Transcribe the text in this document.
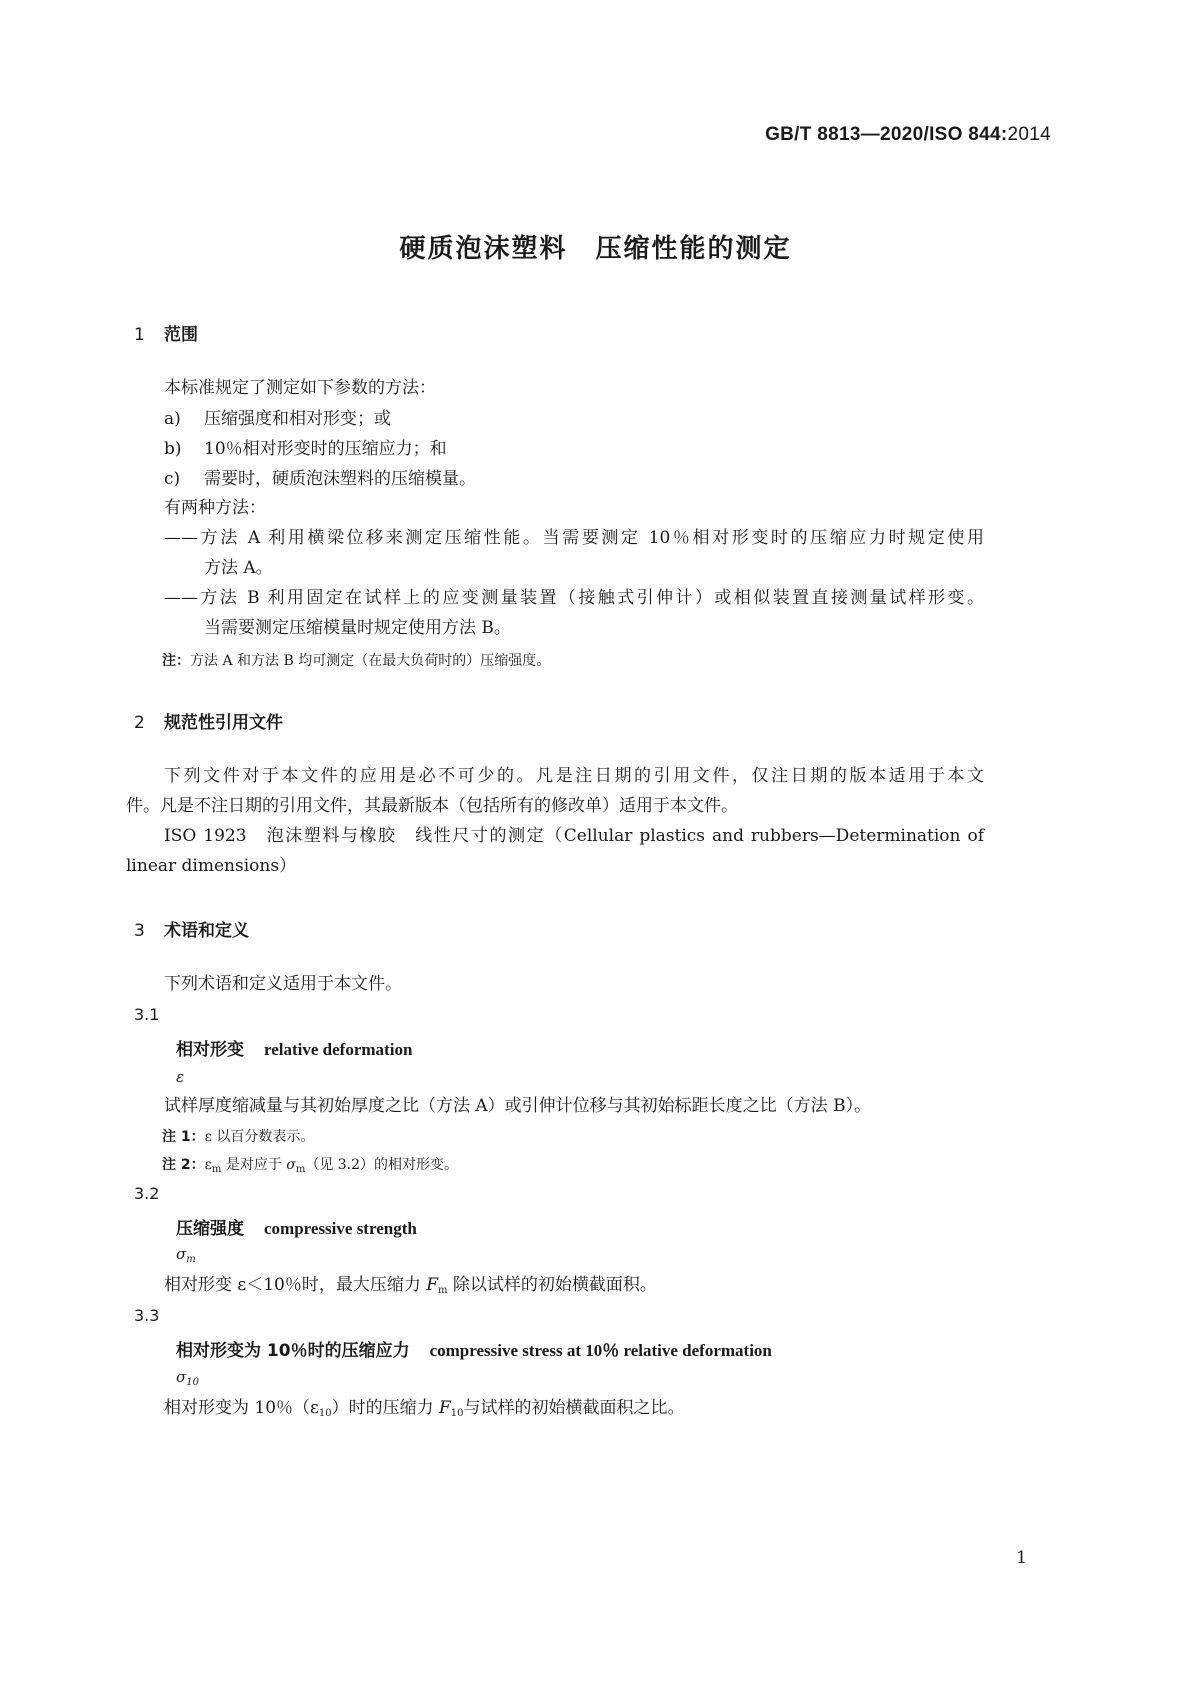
GB/T 8813—2020/ISO 844:2014
硬质泡沫塑料　压缩性能的测定
1 范围
本标准规定了测定如下参数的方法：
a) 压缩强度和相对形变；或
b) 10％相对形变时的压缩应力；和
c) 需要时，硬质泡沫塑料的压缩模量。
有两种方法：
——方法 A 利用横梁位移来测定压缩性能。当需要测定 10％相对形变时的压缩应力时规定使用
方法 A。
——方法 B 利用固定在试样上的应变测量装置（接触式引伸计）或相似装置直接测量试样形变。
当需要测定压缩模量时规定使用方法 B。
注：方法 A 和方法 B 均可测定（在最大负荷时的）压缩强度。
2 规范性引用文件
下列文件对于本文件的应用是必不可少的。凡是注日期的引用文件，仅注日期的版本适用于本文
件。凡是不注日期的引用文件，其最新版本（包括所有的修改单）适用于本文件。
ISO 1923　泡沫塑料与橡胶　线性尺寸的测定（Cellular plastics and rubbers—Determination of
linear dimensions）
3 术语和定义
下列术语和定义适用于本文件。
3.1
相对形变 relative deformation
ε
试样厚度缩减量与其初始厚度之比（方法 A）或引伸计位移与其初始标距长度之比（方法 B）。
注 1：ε 以百分数表示。
注 2：$\varepsilon_m$ 是对应于 $\sigma_m$（见 3.2）的相对形变。
3.2
压缩强度 compressive strength
$\sigma_m$
相对形变 ε＜10％时，最大压缩力 $F_m$ 除以试样的初始横截面积。
3.3
相对形变为 10％时的压缩应力 compressive stress at 10％ relative deformation
$\sigma_{10}$
相对形变为 10％$(\varepsilon_{10})$时的压缩力 $F_{10}$与试样的初始横截面积之比。
1
